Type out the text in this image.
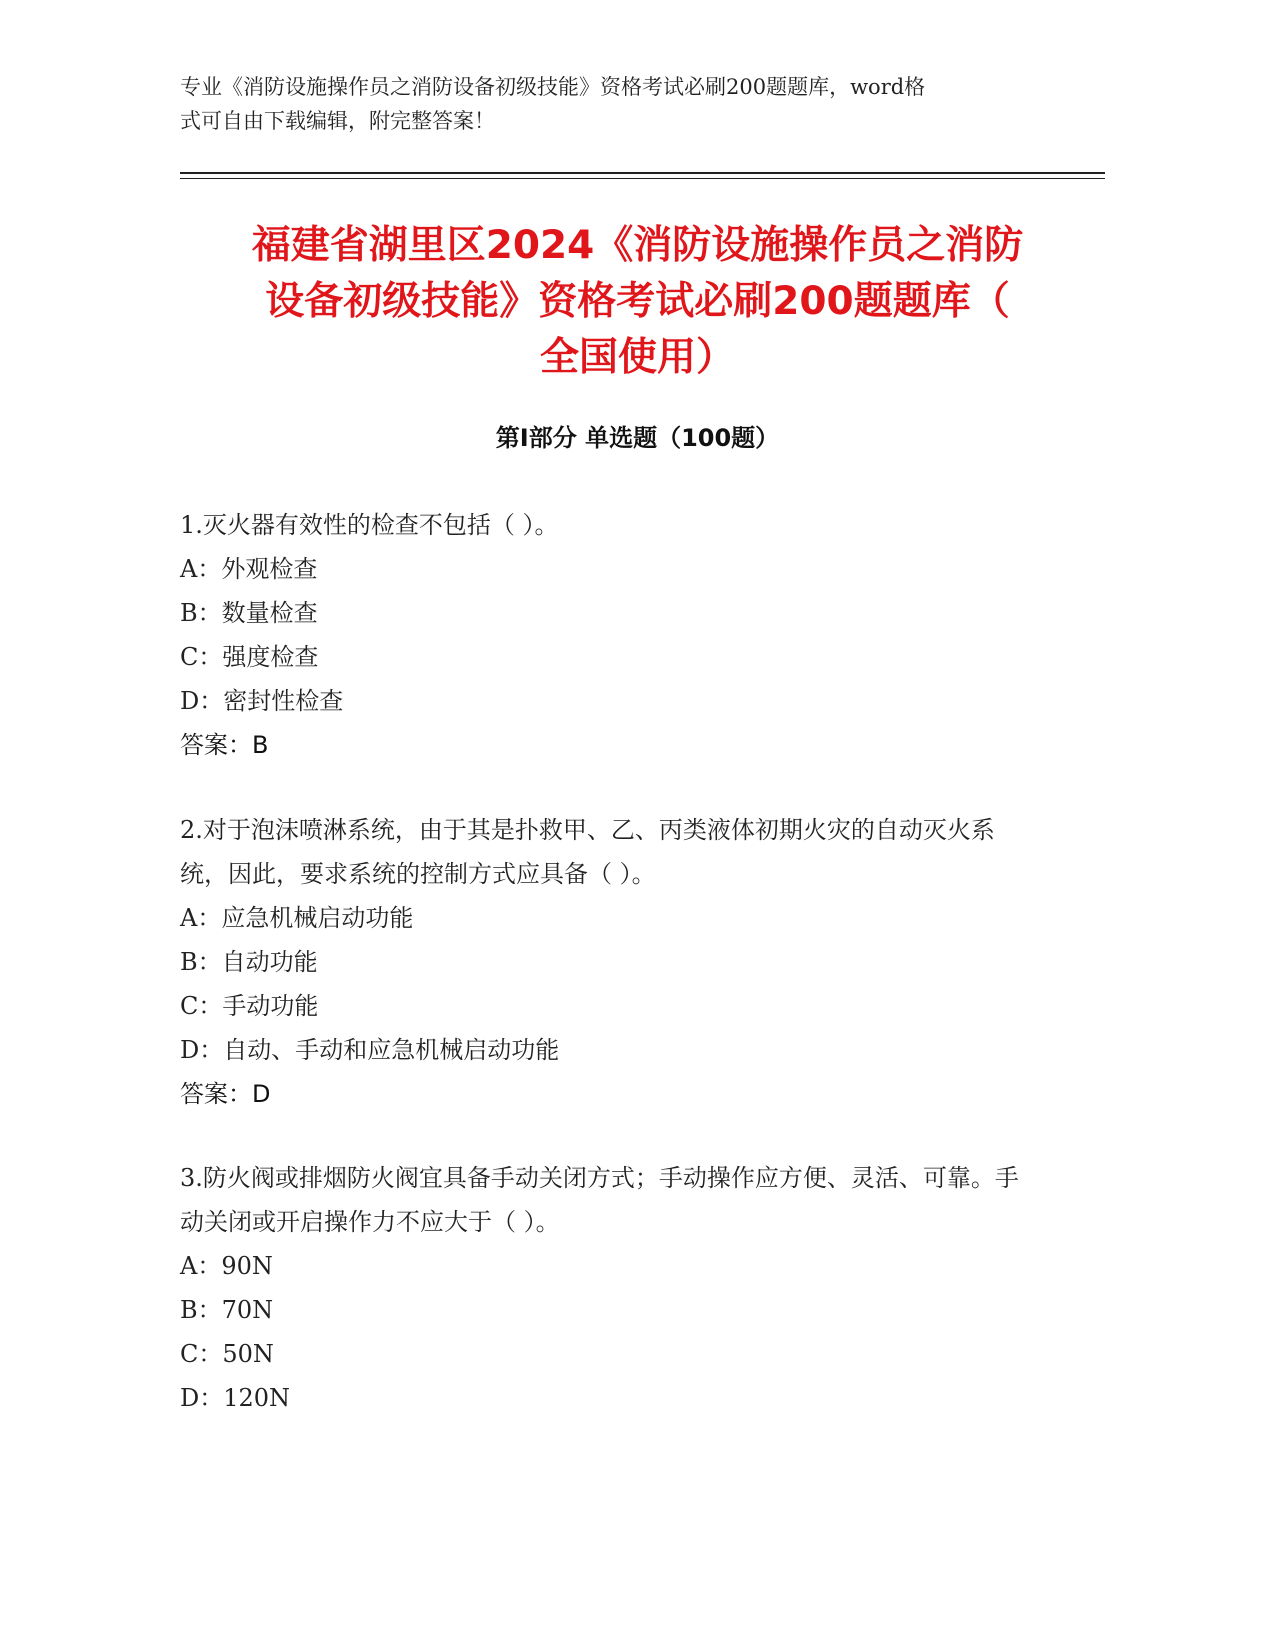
专业《消防设施操作员之消防设备初级技能》资格考试必刷200题题库，word格

式可自由下载编辑，附完整答案！

福建省湖里区2024《消防设施操作员之消防
设备初级技能》资格考试必刷200题题库（
全国使用）
第Ⅰ部分 单选题（100题）

1.灭火器有效性的检查不包括（ ）。

A：外观检查

B：数量检查

C：强度检查

D：密封性检查

答案：B

2.对于泡沫喷淋系统，由于其是扑救甲、乙、丙类液体初期火灾的自动灭火系统，因此，要求系统的控制方式应具备（ ）。

A：应急机械启动功能

B：自动功能

C：手动功能

D：自动、手动和应急机械启动功能

答案：D

3.防火阀或排烟防火阀宜具备手动关闭方式；手动操作应方便、灵活、可靠。手动关闭或开启操作力不应大于（ ）。

A：90N

B：70N

C：50N

D：120N
